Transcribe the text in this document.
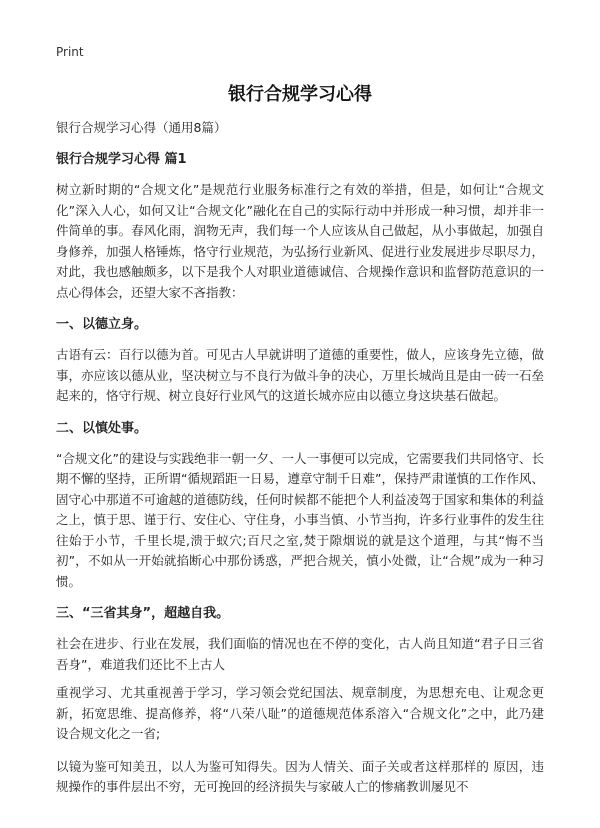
Print
银行合规学习心得

银行合规学习心得（通用8篇）

银行合规学习心得 篇1

树立新时期的“合规文化”是规范行业服务标准行之有效的举措，但是，如何让“合规文化”深入人心，如何又让“合规文化”融化在自己的实际行动中并形成一种习惯，却并非一件简单的事。春风化雨，润物无声，我们每一个人应该从自己做起，从小事做起，加强自身修养，加强人格锤炼，恪守行业规范，为弘扬行业新风、促进行业发展进步尽职尽力，对此，我也感触颇多，以下是我个人对职业道德诚信、合规操作意识和监督防范意识的一点心得体会，还望大家不吝指教：

一、以德立身。

古语有云：百行以德为首。可见古人早就讲明了道德的重要性，做人，应该身先立德，做事，亦应该以德从业，坚决树立与不良行为做斗争的决心，万里长城尚且是由一砖一石垒起来的，恪守行规、树立良好行业风气的这道长城亦应由以德立身这块基石做起。

二、以慎处事。

“合规文化”的建设与实践绝非一朝一夕、一人一事便可以完成，它需要我们共同恪守、长期不懈的坚持，正所谓“循规蹈距一日易，遵章守制千日难”，保持严肃谨慎的工作作风、固守心中那道不可逾越的道德防线，任何时候都不能把个人利益凌驾于国家和集体的利益之上，慎于思、谨于行、安住心、守住身，小事当慎、小节当拘，许多行业事件的发生往往始于小节，千里长堤,溃于蚁穴;百尺之室,焚于隙烟说的就是这个道理，与其“悔不当初”，不如从一开始就掐断心中那份诱惑，严把合规关，慎小处微，让“合规”成为一种习惯。

三、“三省其身”，超越自我。

社会在进步、行业在发展，我们面临的情况也在不停的变化，古人尚且知道“君子日三省吾身”，难道我们还比不上古人

重视学习、尤其重视善于学习，学习领会党纪国法、规章制度，为思想充电、让观念更新，拓宽思维、提高修养，将“八荣八耻”的道德规范体系溶入“合规文化”之中，此乃建设合规文化之一省;

以镜为鉴可知美丑，以人为鉴可知得失。因为人情关、面子关或者这样那样的 原因，违规操作的事件层出不穷，无可挽回的经济损失与家破人亡的惨痛教训屡见不
